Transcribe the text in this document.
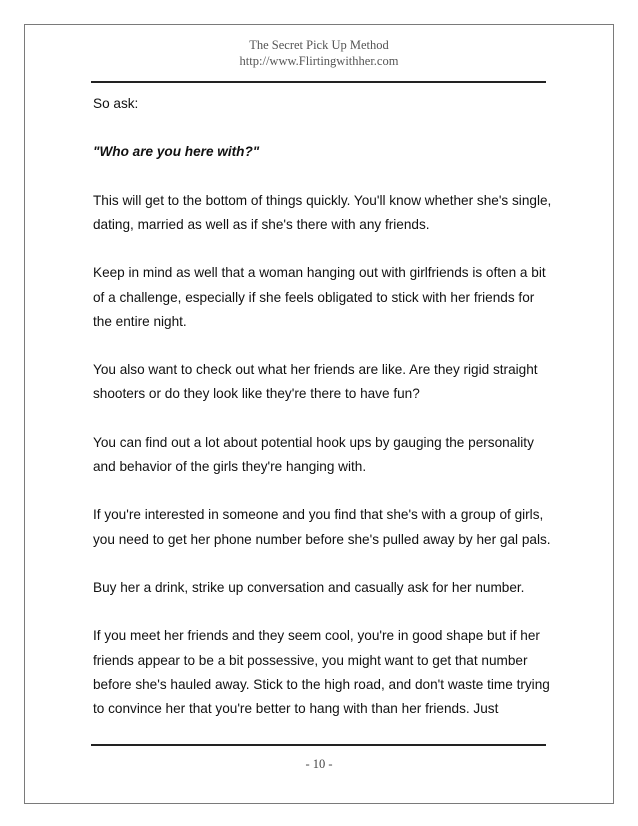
The Secret Pick Up Method
http://www.Flirtingwithher.com

So ask:

"Who are you here with?"

This will get to the bottom of things quickly. You'll know whether she's single, dating, married as well as if she's there with any friends.

Keep in mind as well that a woman hanging out with girlfriends is often a bit of a challenge, especially if she feels obligated to stick with her friends for the entire night.

You also want to check out what her friends are like. Are they rigid straight shooters or do they look like they're there to have fun?

You can find out a lot about potential hook ups by gauging the personality and behavior of the girls they're hanging with.

If you're interested in someone and you find that she's with a group of girls, you need to get her phone number before she's pulled away by her gal pals.

Buy her a drink, strike up conversation and casually ask for her number.

If you meet her friends and they seem cool, you're in good shape but if her friends appear to be a bit possessive, you might want to get that number before she's hauled away. Stick to the high road, and don't waste time trying to convince her that you're better to hang with than her friends. Just

- 10 -
